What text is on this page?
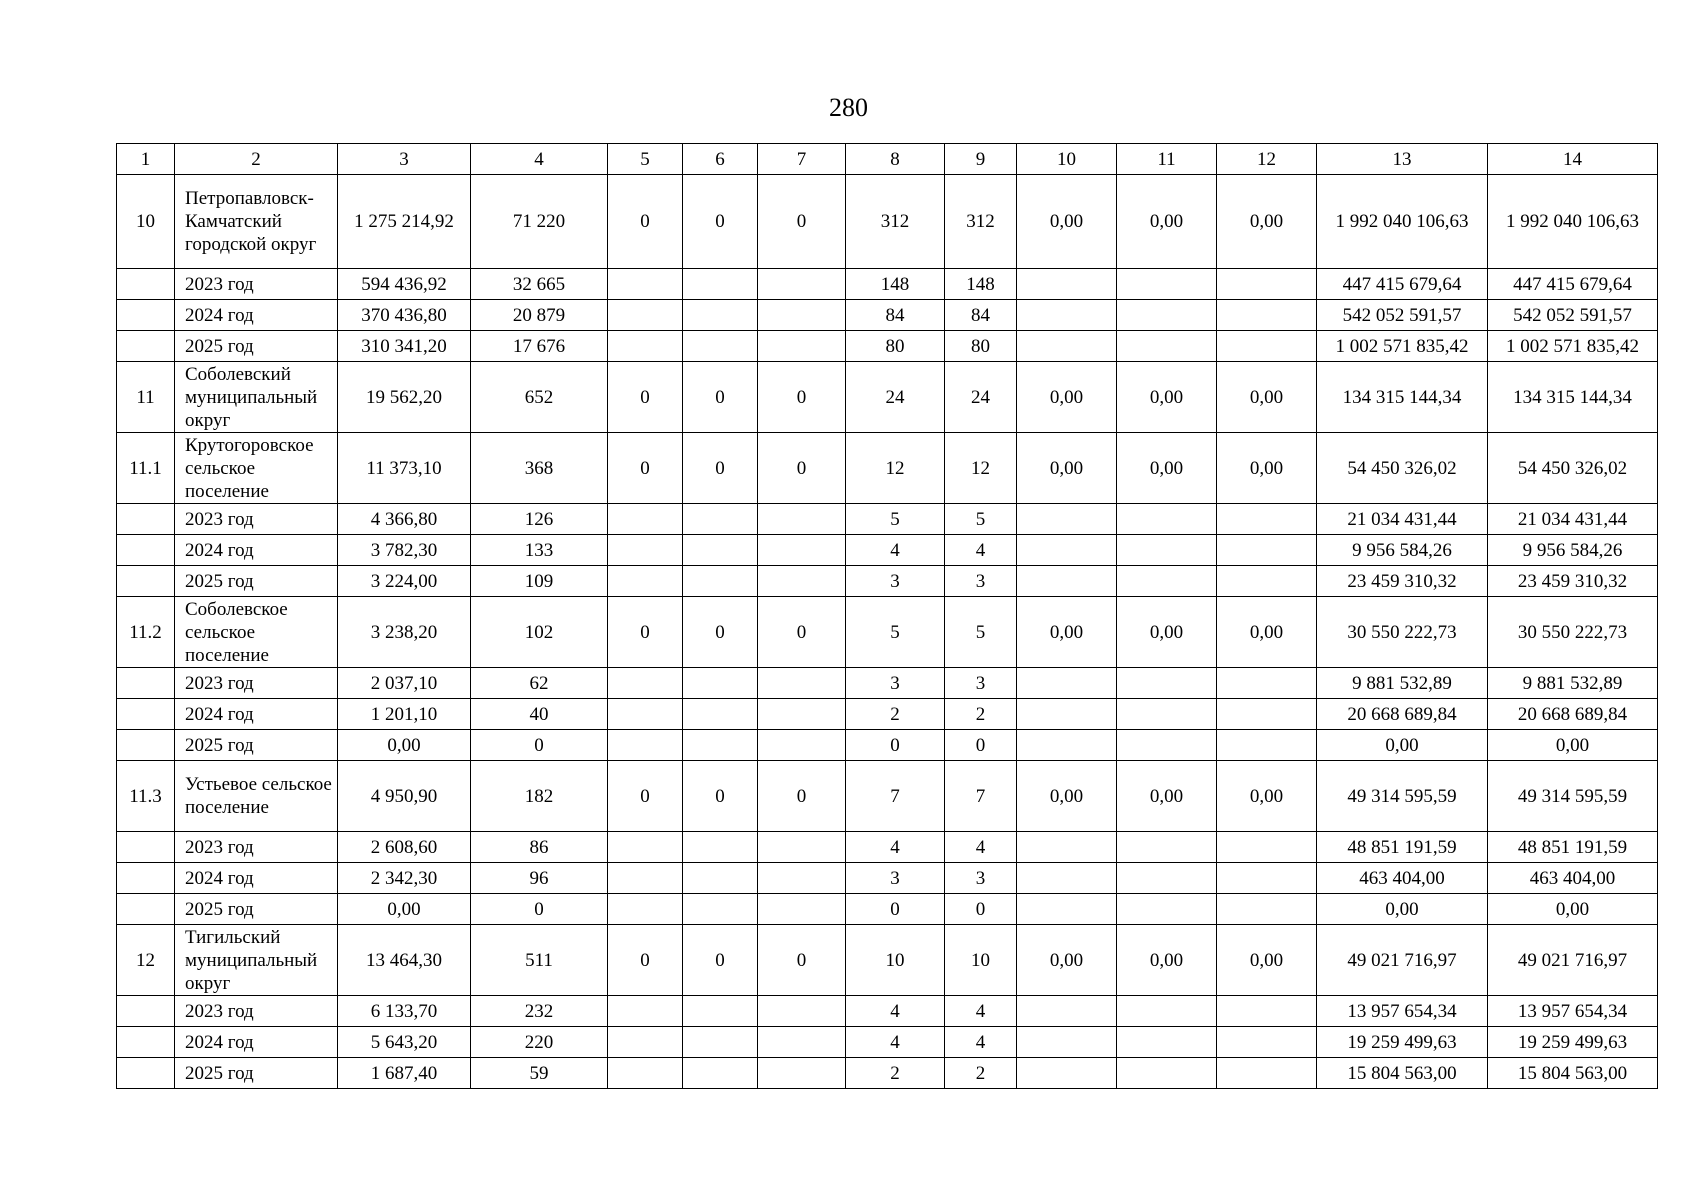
280
1	2	3	4	5	6	7	8	9	10	11	12	13	14
10	Петропавловск-Камчатский городской округ	1 275 214,92	71 220	0	0	0	312	312	0,00	0,00	0,00	1 992 040 106,63	1 992 040 106,63
	2023 год	594 436,92	32 665				148	148				447 415 679,64	447 415 679,64
	2024 год	370 436,80	20 879				84	84				542 052 591,57	542 052 591,57
	2025 год	310 341,20	17 676				80	80				1 002 571 835,42	1 002 571 835,42
11	Соболевский муниципальный округ	19 562,20	652	0	0	0	24	24	0,00	0,00	0,00	134 315 144,34	134 315 144,34
11.1	Крутогоровское сельское поселение	11 373,10	368	0	0	0	12	12	0,00	0,00	0,00	54 450 326,02	54 450 326,02
	2023 год	4 366,80	126				5	5				21 034 431,44	21 034 431,44
	2024 год	3 782,30	133				4	4				9 956 584,26	9 956 584,26
	2025 год	3 224,00	109				3	3				23 459 310,32	23 459 310,32
11.2	Соболевское сельское поселение	3 238,20	102	0	0	0	5	5	0,00	0,00	0,00	30 550 222,73	30 550 222,73
	2023 год	2 037,10	62				3	3				9 881 532,89	9 881 532,89
	2024 год	1 201,10	40				2	2				20 668 689,84	20 668 689,84
	2025 год	0,00	0				0	0				0,00	0,00
11.3	Устьевое сельское поселение	4 950,90	182	0	0	0	7	7	0,00	0,00	0,00	49 314 595,59	49 314 595,59
	2023 год	2 608,60	86				4	4				48 851 191,59	48 851 191,59
	2024 год	2 342,30	96				3	3				463 404,00	463 404,00
	2025 год	0,00	0				0	0				0,00	0,00
12	Тигильский муниципальный округ	13 464,30	511	0	0	0	10	10	0,00	0,00	0,00	49 021 716,97	49 021 716,97
	2023 год	6 133,70	232				4	4				13 957 654,34	13 957 654,34
	2024 год	5 643,20	220				4	4				19 259 499,63	19 259 499,63
	2025 год	1 687,40	59				2	2				15 804 563,00	15 804 563,00
